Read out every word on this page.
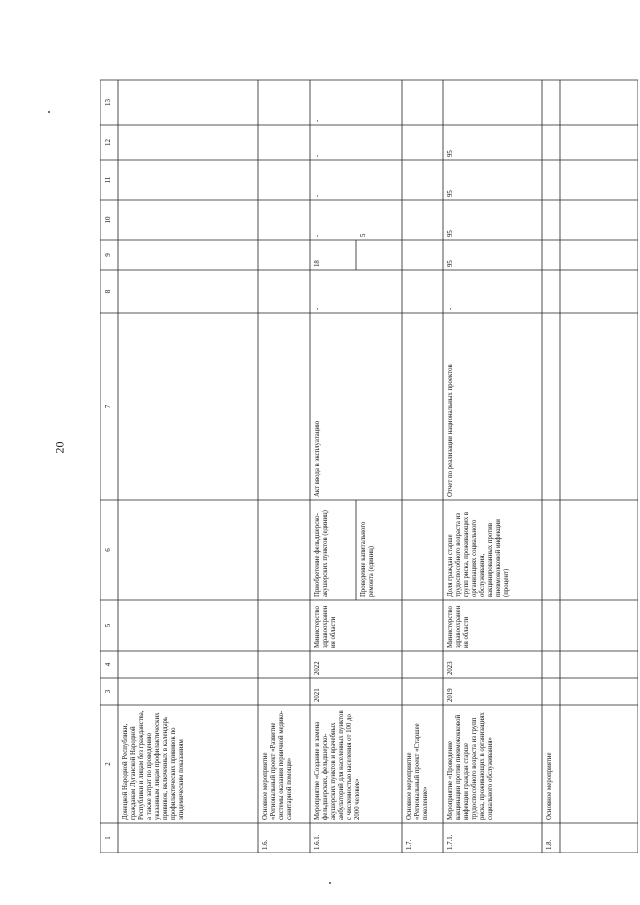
20
1
2
3
4
5
6
7
8
9
10
11
12
13
Донецкой Народной Республики, гражданам Луганской Народной Республики и лицам без гражданства, а также затрат по проведению указанным лицам профилактических прививок, включенных в календарь профилактических прививок по эпидемическим показаниям
1.6.
Основное мероприятие «Региональный проект «Развитие системы оказания первичной медико-санитарной помощи»
1.6.1.
Мероприятие «Создание и замена фельдшерских, фельдшерско-акушерских пунктов и врачебных амбулаторий для населенных пунктов с численностью населения от 100 до 2000 человек»
2021
2022
Министерство здравоохранения области
Приобретение фельдшерско-акушерских пунктов (единиц)
Акт ввода в эксплуатацию
-
18
-
-
-
-
Проведение капитального ремонта (единиц)
5
1.7.
Основное мероприятие «Региональный проект «Старшее поколение»
1.7.1.
Мероприятие «Проведение вакцинации против пневмококковой инфекции граждан старше трудоспособного возраста из групп риска, проживающих в организациях социального обслуживания»
2019
2023
Министерство здравоохранения области
Доля граждан старше трудоспособного возраста из групп риска, проживающих в организациях социального обслуживания, вакцинированных против пневмококковой инфекции (процент)
Отчет по реализации национальных проектов
-
95
95
95
95
1.8.
Основное мероприятие
